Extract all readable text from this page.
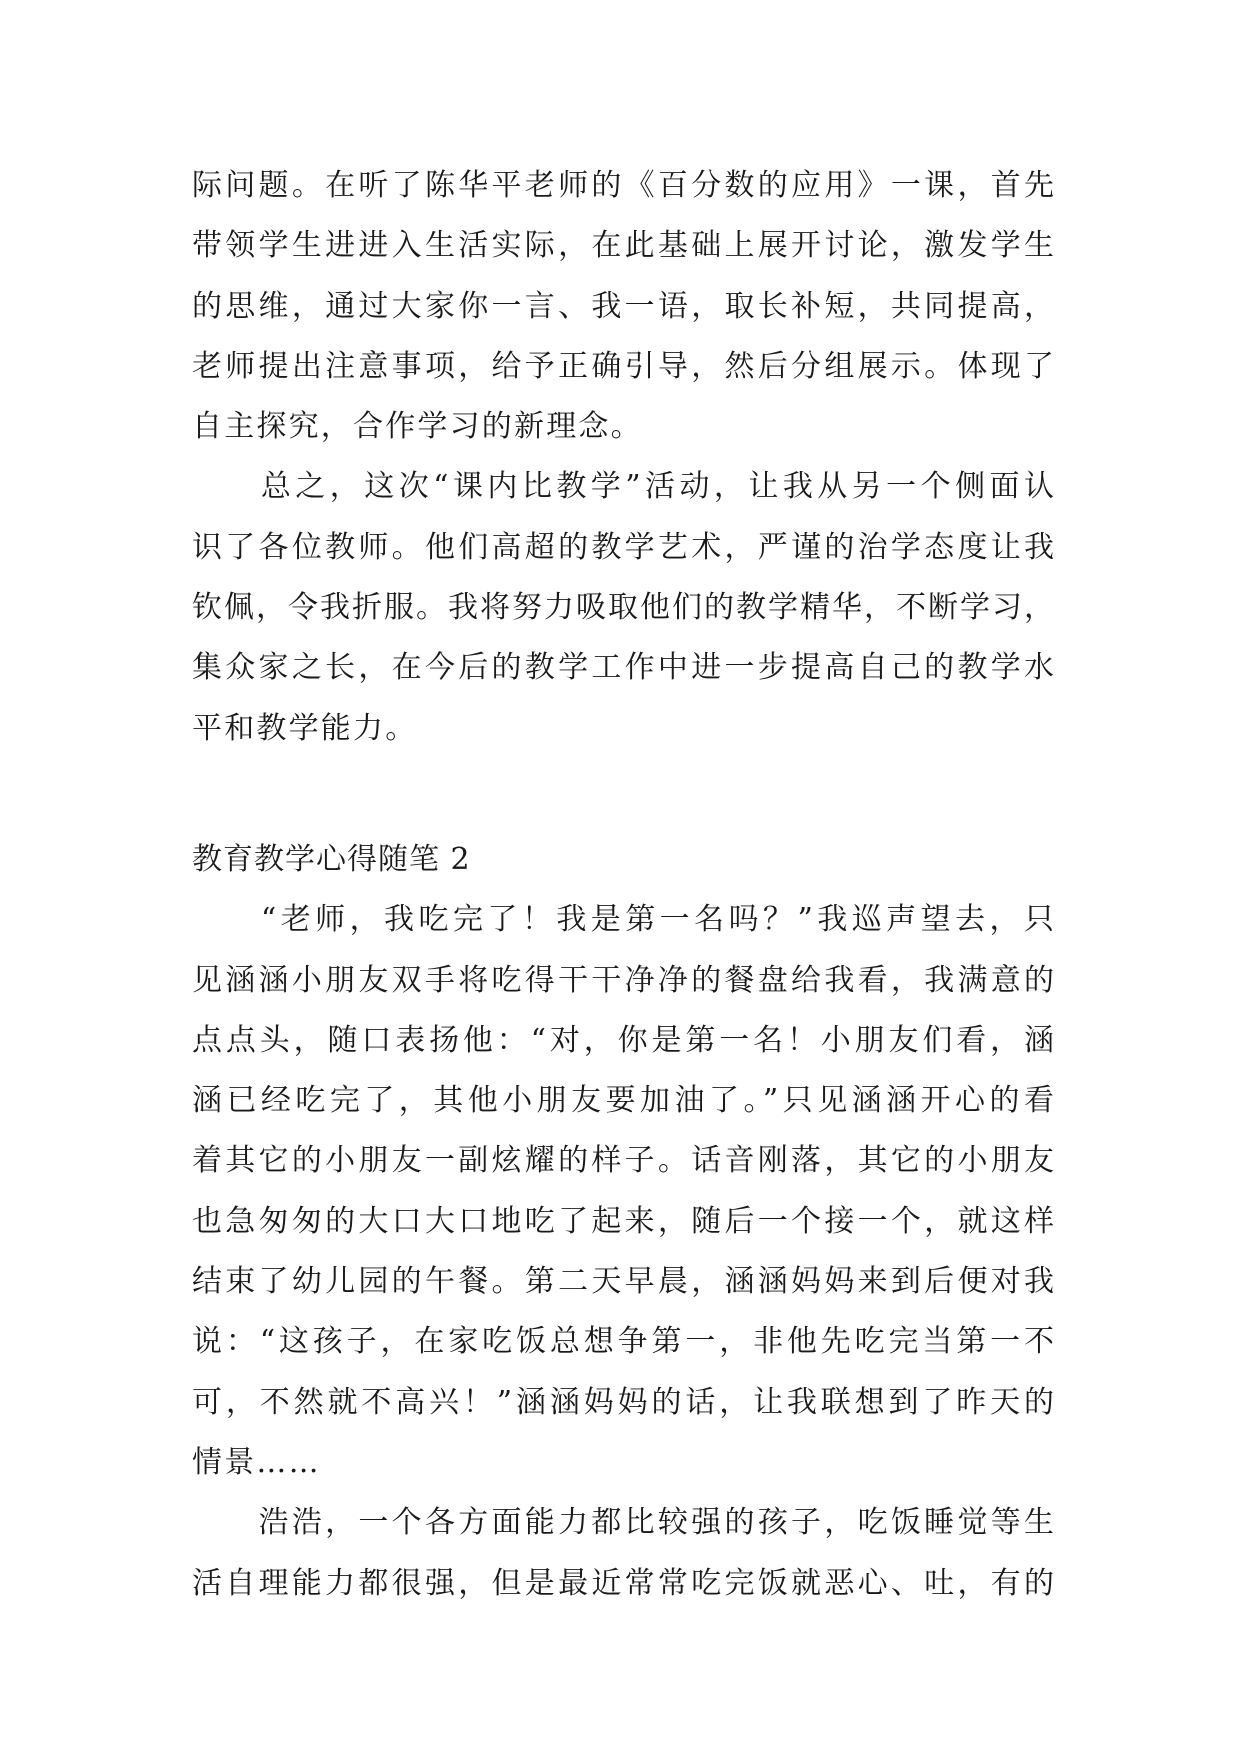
际问题。在听了陈华平老师的《百分数的应用》一课，首先
带领学生进进入生活实际，在此基础上展开讨论，激发学生
的思维，通过大家你一言、我一语，取长补短，共同提高，
老师提出注意事项，给予正确引导，然后分组展示。体现了
自主探究，合作学习的新理念。
　　总之，这次“课内比教学”活动，让我从另一个侧面认
识了各位教师。他们高超的教学艺术，严谨的治学态度让我
钦佩，令我折服。我将努力吸取他们的教学精华，不断学习，
集众家之长，在今后的教学工作中进一步提高自己的教学水
平和教学能力。
教育教学心得随笔 2
　　“老师，我吃完了！我是第一名吗？”我巡声望去，只
见涵涵小朋友双手将吃得干干净净的餐盘给我看，我满意的
点点头，随口表扬他：“对，你是第一名！小朋友们看，涵
涵已经吃完了，其他小朋友要加油了。”只见涵涵开心的看
着其它的小朋友一副炫耀的样子。话音刚落，其它的小朋友
也急匆匆的大口大口地吃了起来，随后一个接一个，就这样
结束了幼儿园的午餐。第二天早晨，涵涵妈妈来到后便对我
说：“这孩子，在家吃饭总想争第一，非他先吃完当第一不
可，不然就不高兴！”涵涵妈妈的话，让我联想到了昨天的
情景……
　　浩浩，一个各方面能力都比较强的孩子，吃饭睡觉等生
活自理能力都很强，但是最近常常吃完饭就恶心、吐，有的
